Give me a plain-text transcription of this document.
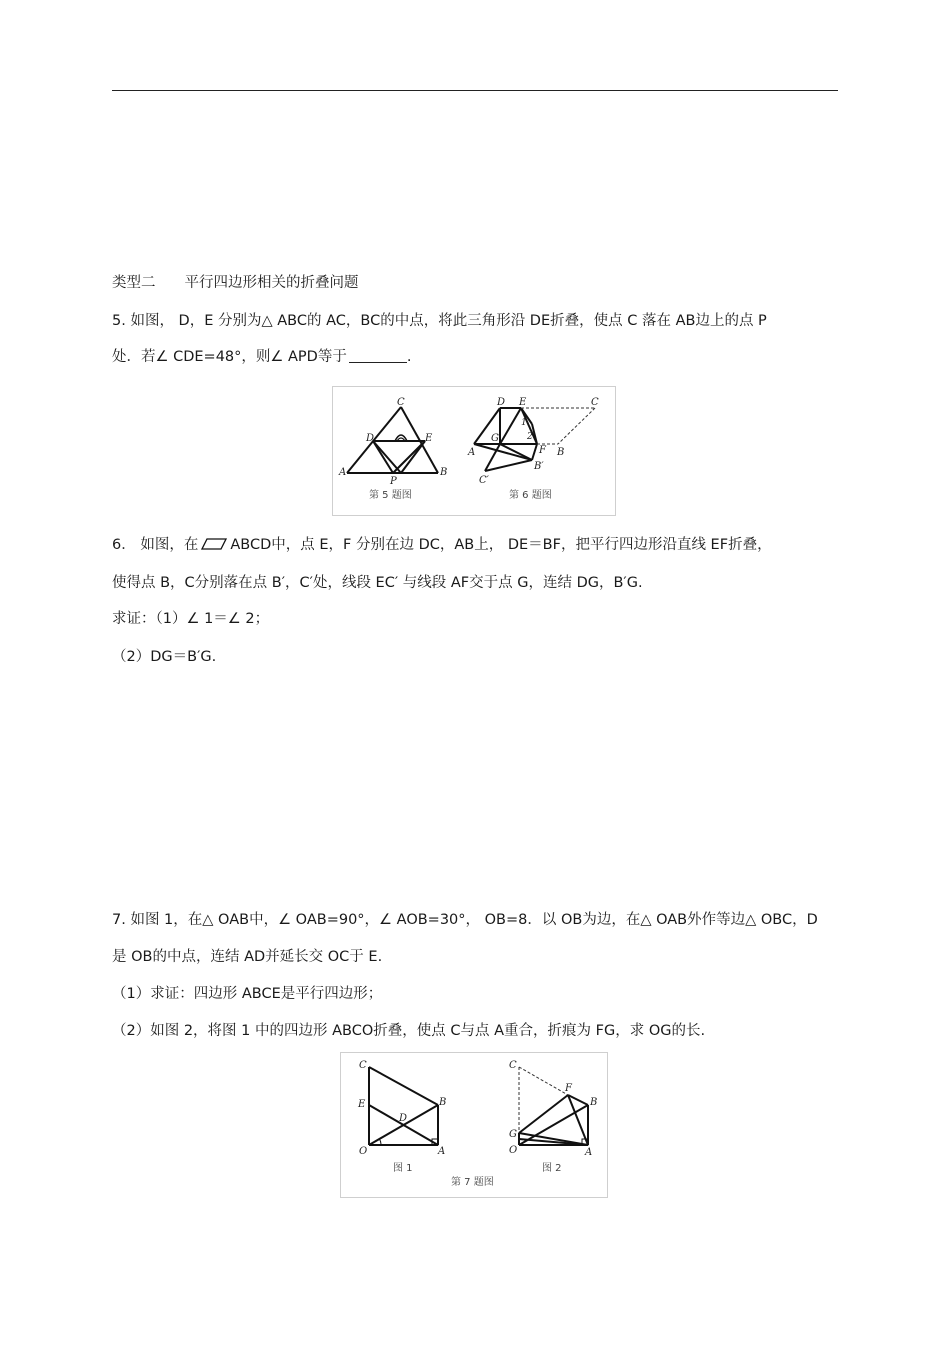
类型二　　平行四边形相关的折叠问题
5. 如图， D，E 分别为△ ABC的 AC，BC的中点，将此三角形沿 DE折叠，使点 C 落在 AB边上的点 P
处．若∠ CDE=48°，则∠ APD等于	.
C
D	E
A	B
P
第 5 题图
D E	C
G
1
2
F
A	B
B′
C′
第 6 题图
6． 如图，在 ABCD中，点 E，F 分别在边 DC，AB上， DE＝BF，把平行四边形沿直线 EF折叠，
使得点 B，C分别落在点 B′，C′处，线段 EC′ 与线段 AF交于点 G，连结 DG，B′G.
求证：（1）∠ 1＝∠ 2；
（2）DG＝B′G.
7. 如图 1，在△ OAB中，∠ OAB=90°，∠ AOB=30°， OB=8．以 OB为边，在△ OAB外作等边△ OBC，D
是 OB的中点，连结 AD并延长交 OC于 E.
（1）求证：四边形 ABCE是平行四边形；
（2）如图 2，将图 1 中的四边形 ABCO折叠，使点 C与点 A重合，折痕为 FG，求 OG的长.
C
E
D
B
O	A
图 1
C
F
B
G
O	A
图 2
第 7 题图
